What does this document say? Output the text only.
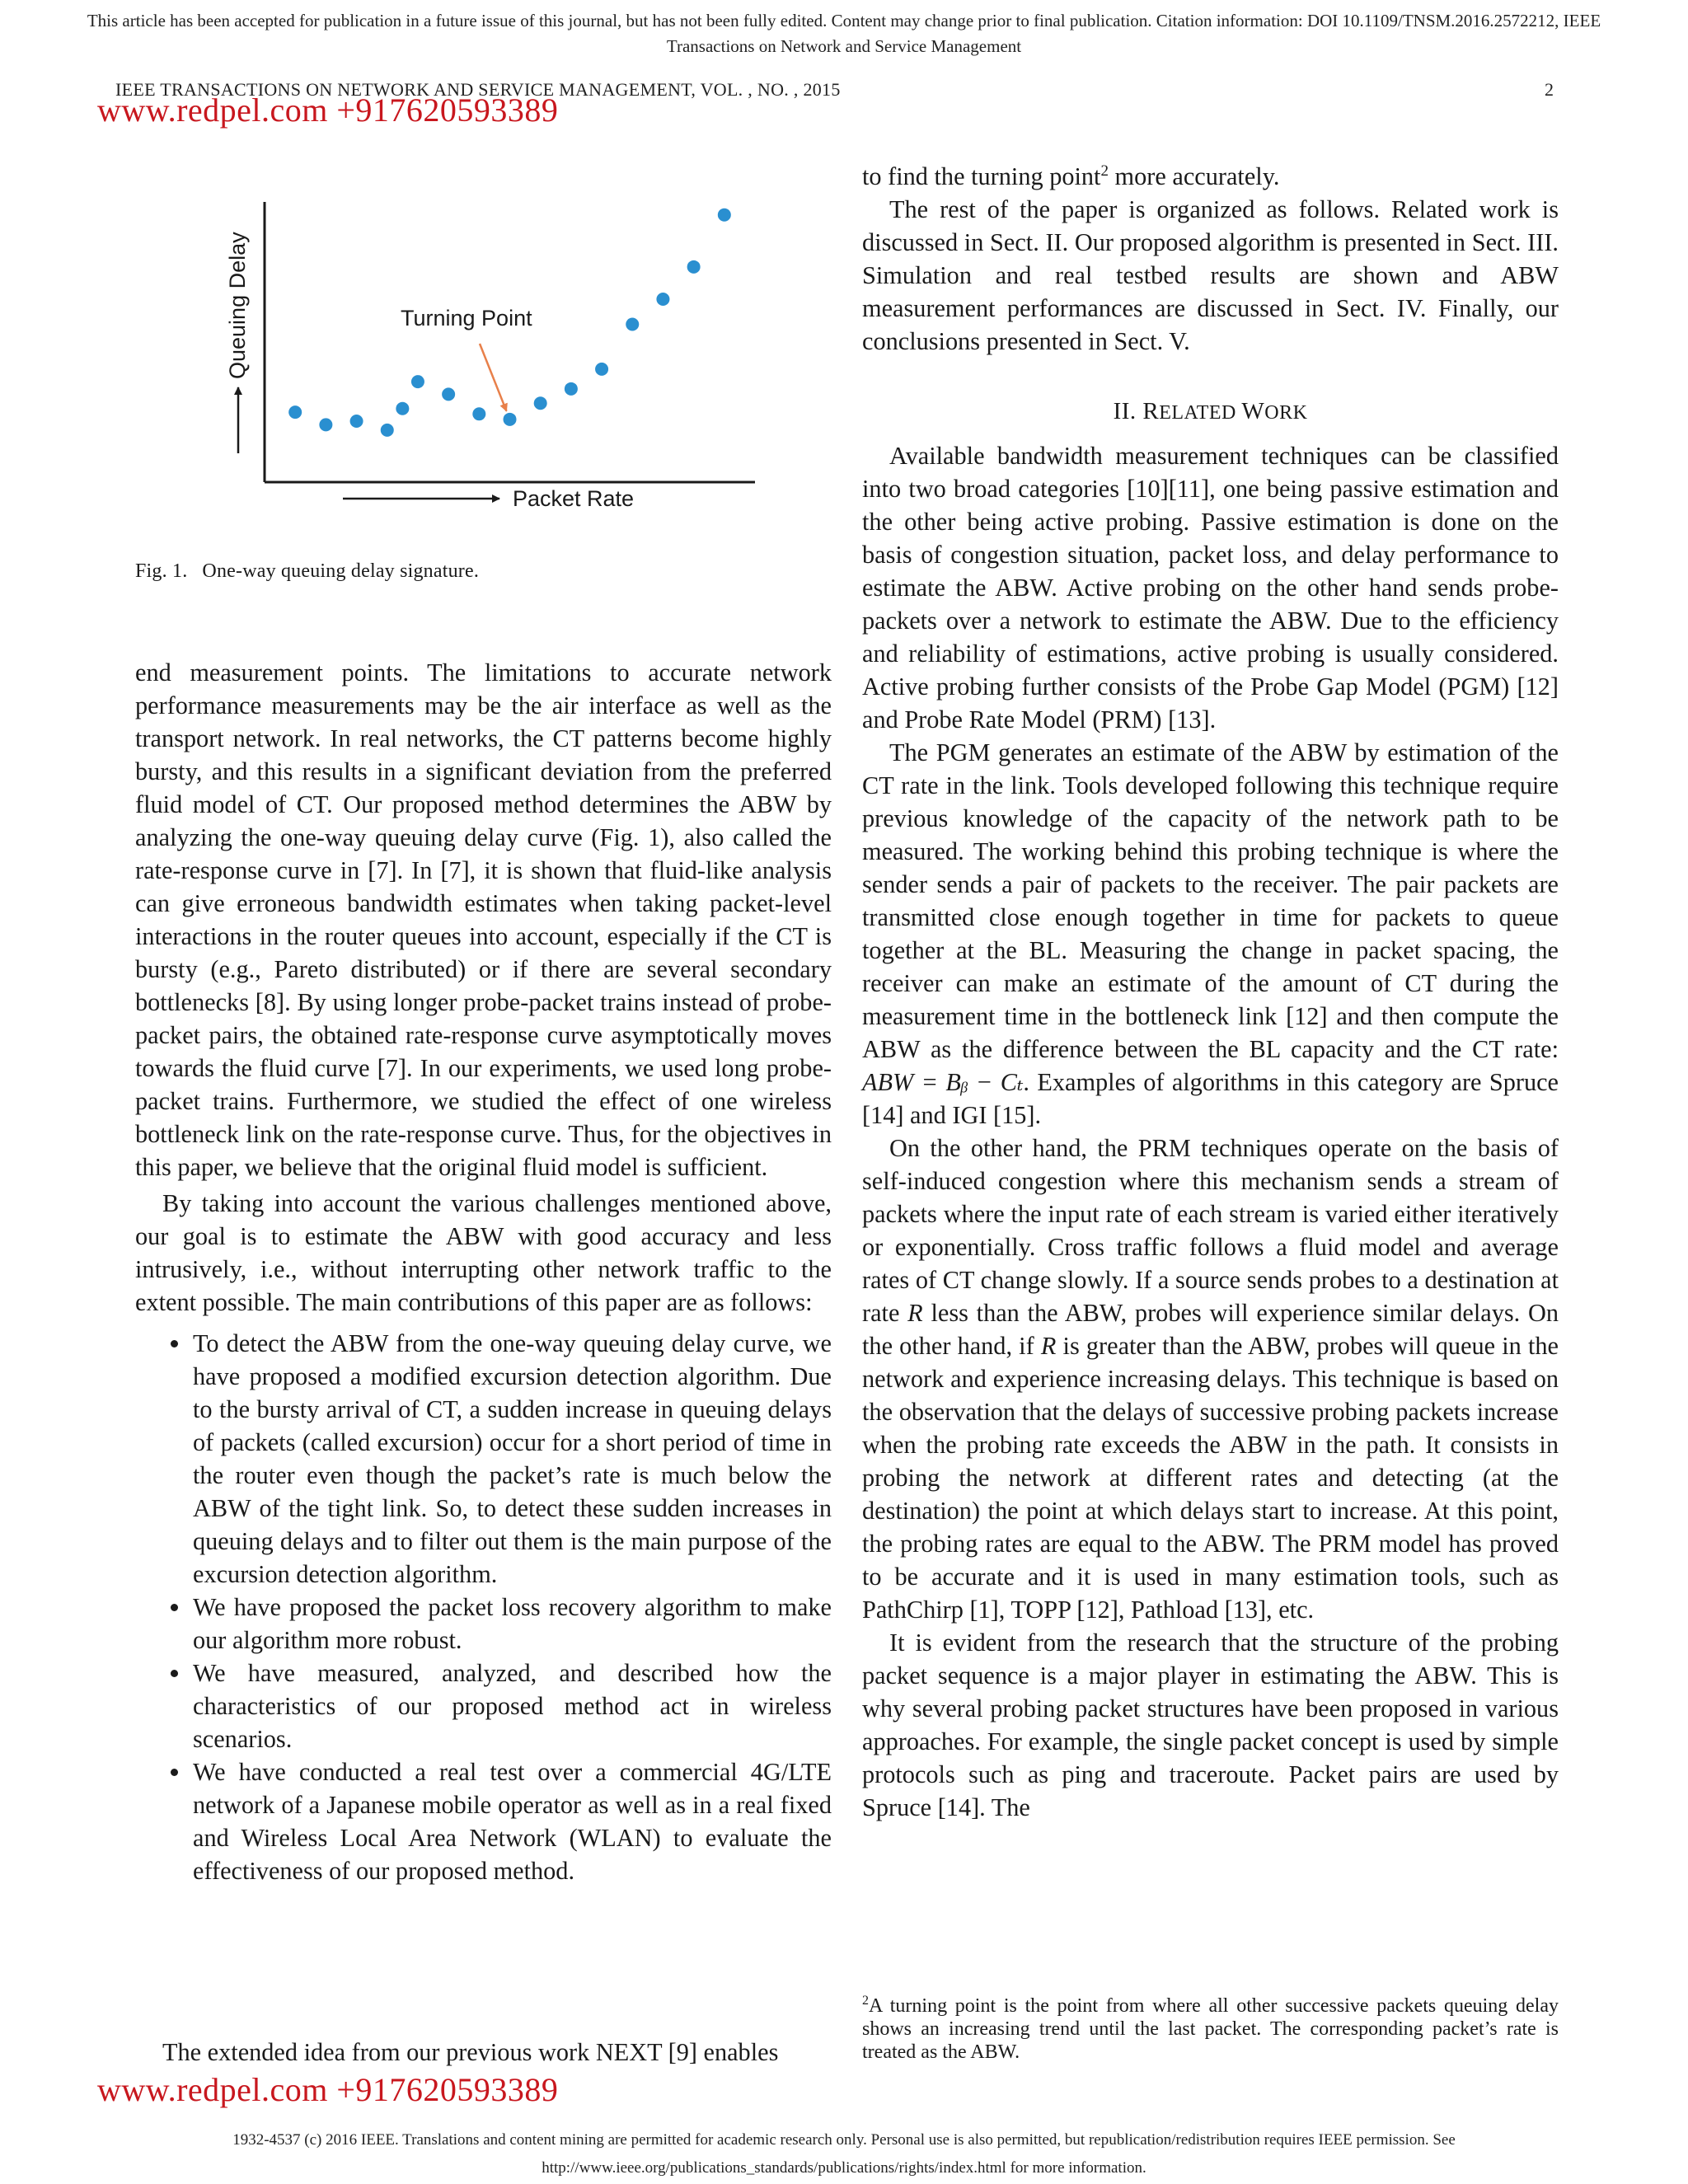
This article has been accepted for publication in a future issue of this journal, but has not been fully edited. Content may change prior to final publication. Citation information: DOI 10.1109/TNSM.2016.2572212, IEEE
Transactions on Network and Service Management
IEEE TRANSACTIONS ON NETWORK AND SERVICE MANAGEMENT, VOL. , NO. , 2015	2
www.redpel.com +917620593389
Queuing Delay
Packet Rate
Turning Point
Fig. 1. One-way queuing delay signature.

end measurement points. The limitations to accurate network performance measurements may be the air interface as well as the transport network. In real networks, the CT patterns become highly bursty, and this results in a significant deviation from the preferred fluid model of CT. Our proposed method determines the ABW by analyzing the one-way queuing delay curve (Fig. 1), also called the rate-response curve in [7]. In [7], it is shown that fluid-like analysis can give erroneous bandwidth estimates when taking packet-level interactions in the router queues into account, especially if the CT is bursty (e.g., Pareto distributed) or if there are several secondary bottlenecks [8]. By using longer probe-packet trains instead of probe-packet pairs, the obtained rate-response curve asymptotically moves towards the fluid curve [7]. In our experiments, we used long probe-packet trains. Furthermore, we studied the effect of one wireless bottleneck link on the rate-response curve. Thus, for the objectives in this paper, we believe that the original fluid model is sufficient.

By taking into account the various challenges mentioned above, our goal is to estimate the ABW with good accuracy and less intrusively, i.e., without interrupting other network traffic to the extent possible. The main contributions of this paper are as follows:

• To detect the ABW from the one-way queuing delay curve, we have proposed a modified excursion detection algorithm. Due to the bursty arrival of CT, a sudden increase in queuing delays of packets (called excursion) occur for a short period of time in the router even though the packet’s rate is much below the ABW of the tight link. So, to detect these sudden increases in queuing delays and to filter out them is the main purpose of the excursion detection algorithm.
• We have proposed the packet loss recovery algorithm to make our algorithm more robust.
• We have measured, analyzed, and described how the characteristics of our proposed method act in wireless scenarios.
• We have conducted a real test over a commercial 4G/LTE network of a Japanese mobile operator as well as in a real fixed and Wireless Local Area Network (WLAN) to evaluate the effectiveness of our proposed method.
The extended idea from our previous work NEXT [9] enables

to find the turning point$^2$ more accurately.

The rest of the paper is organized as follows. Related work is discussed in Sect. II. Our proposed algorithm is presented in Sect. III. Simulation and real testbed results are shown and ABW measurement performances are discussed in Sect. IV. Finally, our conclusions presented in Sect. V.

II. RELATED WORK

Available bandwidth measurement techniques can be classified into two broad categories [10][11], one being passive estimation and the other being active probing. Passive estimation is done on the basis of congestion situation, packet loss, and delay performance to estimate the ABW. Active probing on the other hand sends probe-packets over a network to estimate the ABW. Due to the efficiency and reliability of estimations, active probing is usually considered. Active probing further consists of the Probe Gap Model (PGM) [12] and Probe Rate Model (PRM) [13].

The PGM generates an estimate of the ABW by estimation of the CT rate in the link. Tools developed following this technique require previous knowledge of the capacity of the network path to be measured. The working behind this probing technique is where the sender sends a pair of packets to the receiver. The pair packets are transmitted close enough together in time for packets to queue together at the BL. Measuring the change in packet spacing, the receiver can make an estimate of the amount of CT during the measurement time in the bottleneck link [12] and then compute the ABW as the difference between the BL capacity and the CT rate: ABW = Bᵦ − Cₜ. Examples of algorithms in this category are Spruce [14] and IGI [15].

On the other hand, the PRM techniques operate on the basis of self-induced congestion where this mechanism sends a stream of packets where the input rate of each stream is varied either iteratively or exponentially. Cross traffic follows a fluid model and average rates of CT change slowly. If a source sends probes to a destination at rate R less than the ABW, probes will experience similar delays. On the other hand, if R is greater than the ABW, probes will queue in the network and experience increasing delays. This technique is based on the observation that the delays of successive probing packets increase when the probing rate exceeds the ABW in the path. It consists in probing the network at different rates and detecting (at the destination) the point at which delays start to increase. At this point, the probing rates are equal to the ABW. The PRM model has proved to be accurate and it is used in many estimation tools, such as PathChirp [1], TOPP [12], Pathload [13], etc.

It is evident from the research that the structure of the probing packet sequence is a major player in estimating the ABW. This is why several probing packet structures have been proposed in various approaches. For example, the single packet concept is used by simple protocols such as ping and traceroute. Packet pairs are used by Spruce [14]. The

$^2$A turning point is the point from where all other successive packets queuing delay shows an increasing trend until the last packet. The corresponding packet’s rate is treated as the ABW.
www.redpel.com +917620593389
1932-4537 (c) 2016 IEEE. Translations and content mining are permitted for academic research only. Personal use is also permitted, but republication/redistribution requires IEEE permission. See
http://www.ieee.org/publications_standards/publications/rights/index.html for more information.
